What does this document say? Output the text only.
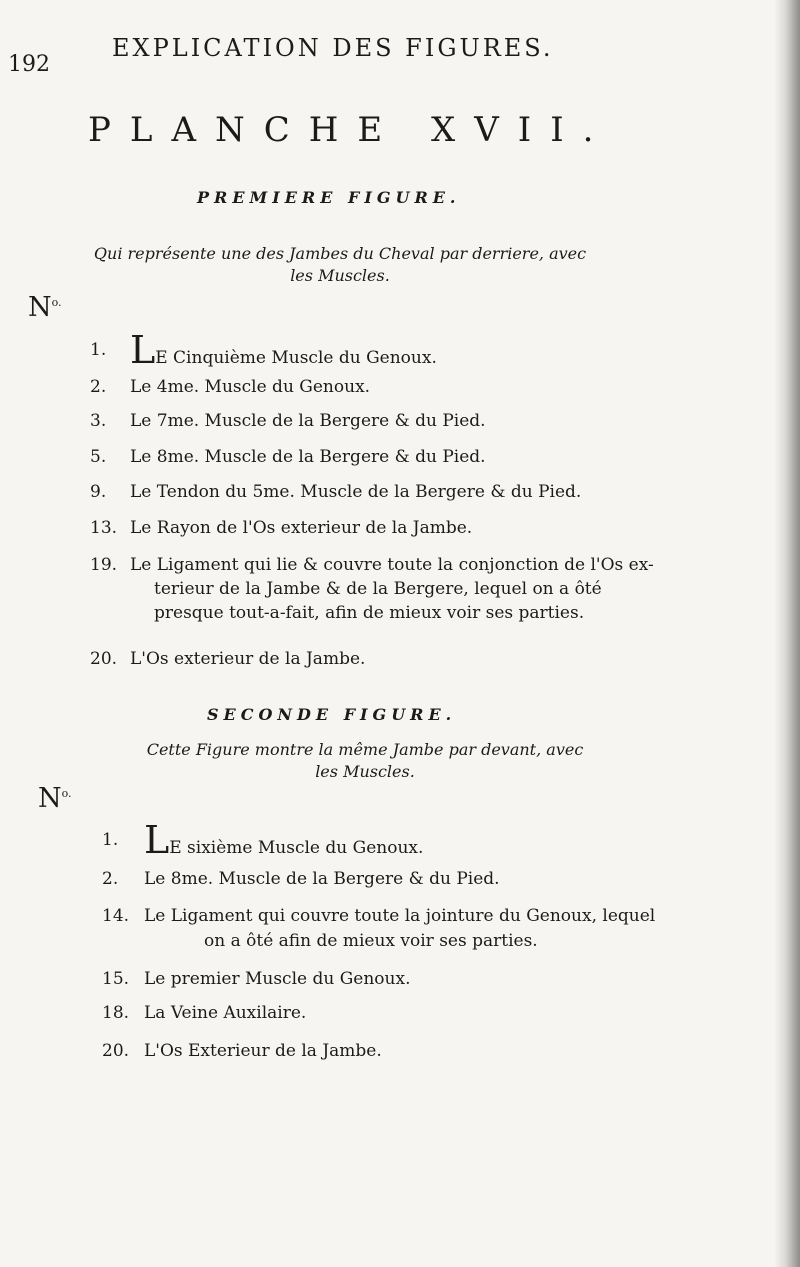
192
EXPLICATION DES FIGURES.
PLANCHE XVII.
PREMIERE FIGURE.
Qui représente une des Jambes du Cheval par derriere, avec
les Muscles.
$N^{o.}$
1. LE Cinquième Muscle du Genoux.
2. Le 4me. Muscle du Genoux.
3. Le 7me. Muscle de la Bergere & du Pied.
5. Le 8me. Muscle de la Bergere & du Pied.
9. Le Tendon du 5me. Muscle de la Bergere & du Pied.
13. Le Rayon de l'Os exterieur de la Jambe.
19. Le Ligament qui lie & couvre toute la conjonction de l'Os ex-
terieur de la Jambe & de la Bergere, lequel on a ôté
presque tout-a-fait, afin de mieux voir ses parties.
20. L'Os exterieur de la Jambe.
SECONDE FIGURE.
Cette Figure montre la même Jambe par devant, avec
les Muscles.
$N^{o.}$
1. LE sixième Muscle du Genoux.
2. Le 8me. Muscle de la Bergere & du Pied.
14. Le Ligament qui couvre toute la jointure du Genoux, lequel
on a ôté afin de mieux voir ses parties.
15. Le premier Muscle du Genoux.
18. La Veine Auxilaire.
20. L'Os Exterieur de la Jambe.
